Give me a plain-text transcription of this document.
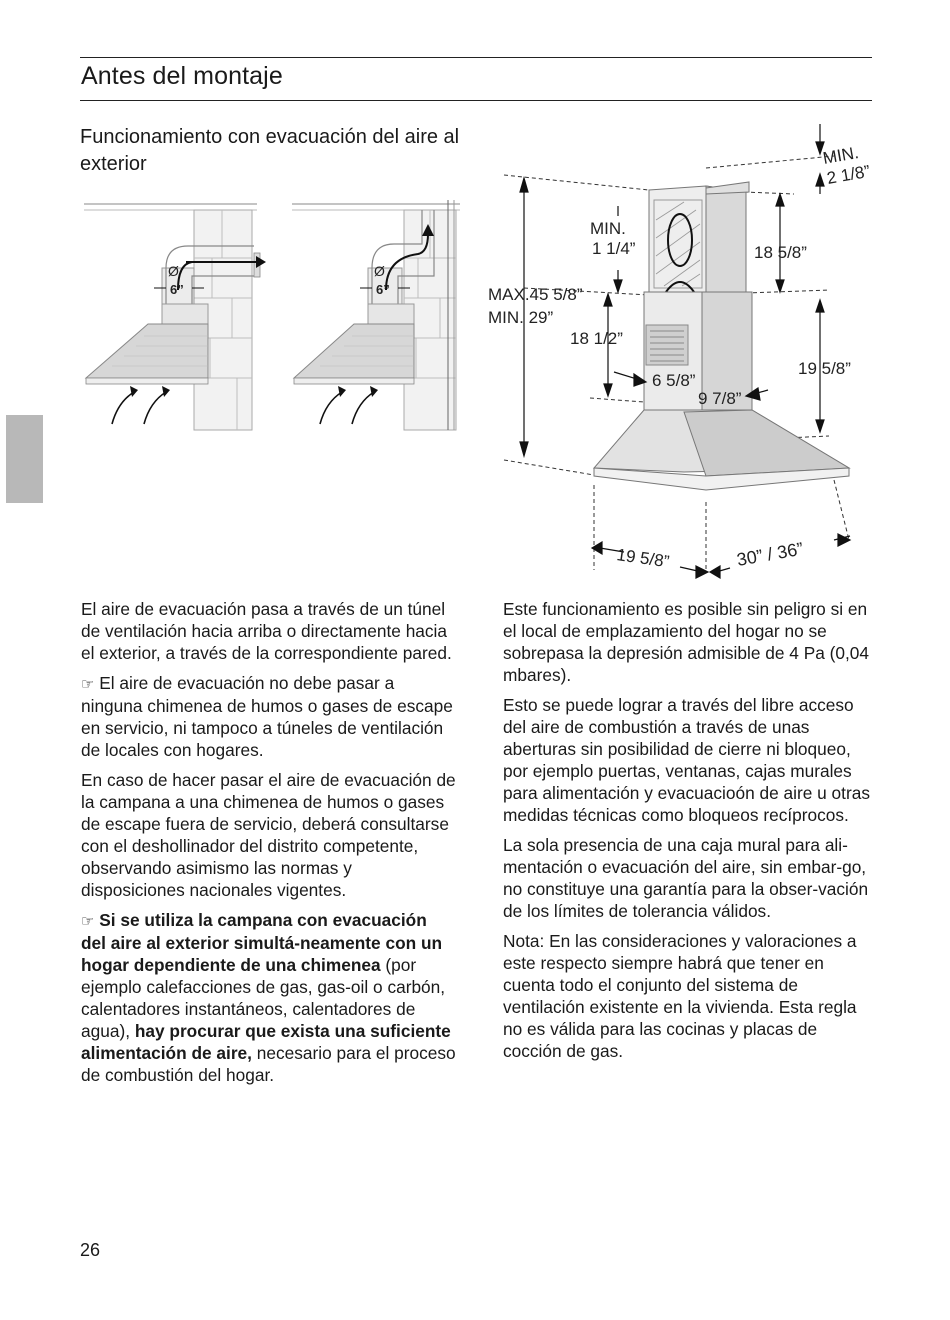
Antes del montaje
Funcionamiento con evacuación del aire al exterior
Ø
6”
Ø
6”
MIN.
2 1/8”
MIN.
1 1/4”	18 5/8”
MAX.45 5/8”
MIN. 29”
18 1/2”
19 5/8”
6 5/8”
9 7/8”
19 5/8”	30” / 36”

El aire de evacuación pasa a través de un túnel de ventilación hacia arriba o directamente hacia el exterior, a través de la correspondiente pared.

☞ El aire de evacuación no debe pasar a ninguna chimenea de humos o gases de escape en servicio, ni tampoco a túneles de ventilación de locales con hogares.

En caso de hacer pasar el aire de evacuación de la campana a una chimenea de humos o gases de escape fuera de servicio, deberá consultarse con el deshollinador del distrito competente, observando asimismo las normas y disposiciones nacionales vigentes.

☞ Si se utiliza la campana con evacuación del aire al exterior simultá-neamente con un hogar dependiente de una chimenea (por ejemplo calefacciones de gas, gas-oil o carbón, calentadores instantáneos, calentadores de agua), hay procurar que exista una suficiente alimentación de aire, necesario para el proceso de combustión del hogar.

Este funcionamiento es posible sin peligro si en el local de emplazamiento del hogar no se sobrepasa la depresión admisible de 4 Pa (0,04 mbares).

Esto se puede lograr a través del libre acceso del aire de combustión a través de unas aberturas sin posibilidad de cierre ni bloqueo, por ejemplo puertas, ventanas, cajas murales para alimentación y evacuacioón de aire u otras medidas técnicas como bloqueos recíprocos.

La sola presencia de una caja mural para ali-mentación o evacuación del aire, sin embar-go, no constituye una garantía para la obser-vación de los límites de tolerancia válidos.

Nota: En las consideraciones y valoraciones a este respecto siempre habrá que tener en cuenta todo el conjunto del sistema de ventilación existente en la vivienda. Esta regla no es válida para las cocinas y placas de cocción de gas.

26
